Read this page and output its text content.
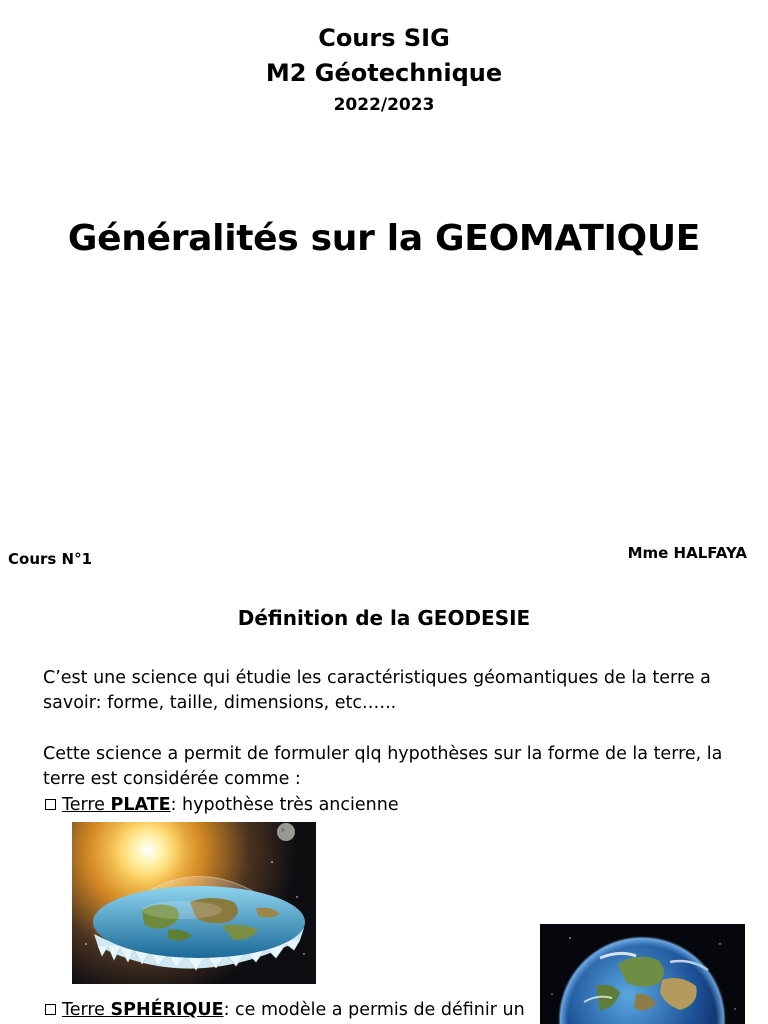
Cours SIG
M2 Géotechnique
2022/2023
Généralités sur la GEOMATIQUE
Cours N°1	Mme HALFAYA
Définition de la GEODESIE
C’est une science qui étudie les caractéristiques géomantiques de la terre a savoir: forme, taille, dimensions, etc.…..
Cette science a permit de formuler qlq hypothèses sur la forme de la terre, la terre est considérée comme :
Terre PLATE: hypothèse très ancienne
Terre SPHÉRIQUE: ce modèle a permis de définir un
